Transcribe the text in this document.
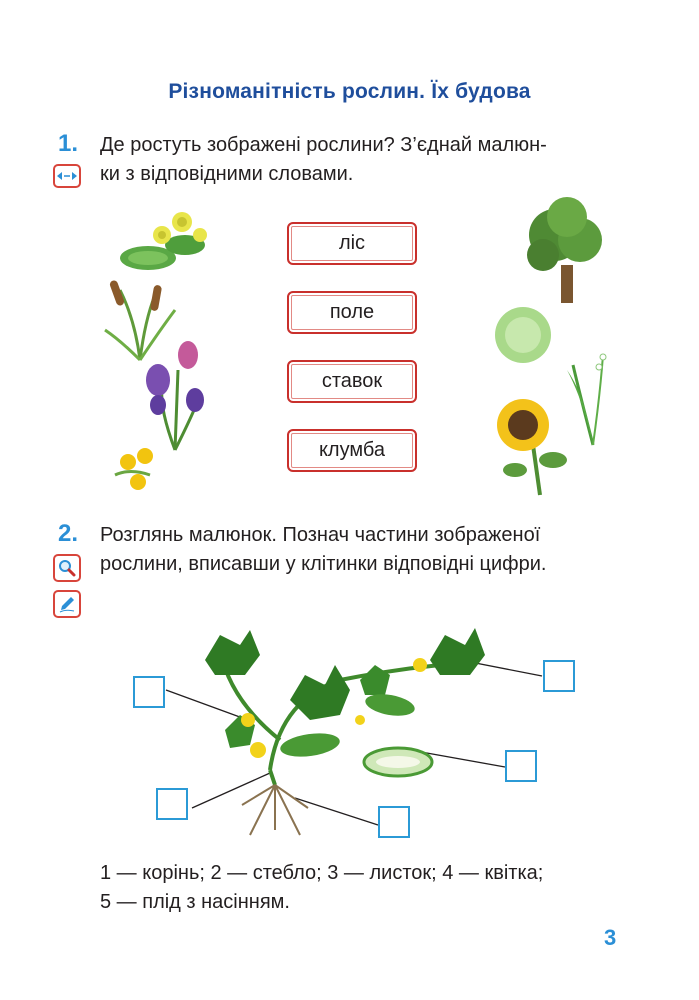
Різноманітність рослин. Їх будова
1. Де ростуть зображені рослини? З’єднай малюн-
ки з відповідними словами.
ліс
поле
ставок
клумба
2. Розглянь малюнок. Познач частини зображеної
рослини, вписавши у клітинки відповідні цифри.
1 — корінь; 2 — стебло; 3 — листок; 4 — квітка;
5 — плід з насінням.
3
